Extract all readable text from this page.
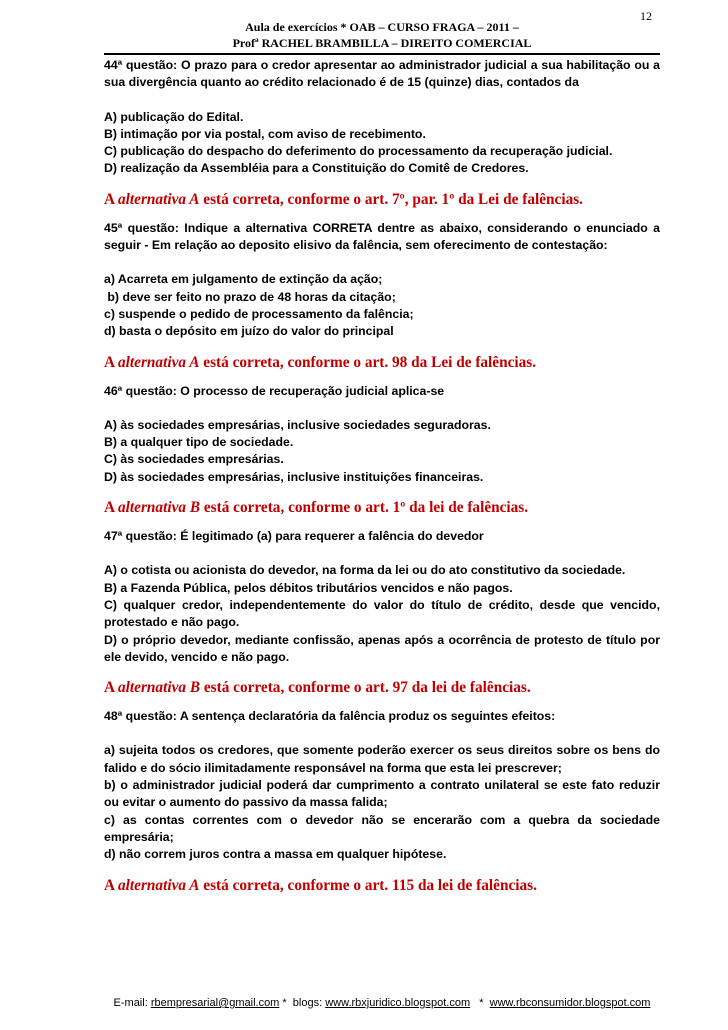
12
Aula de exercícios * OAB – CURSO FRAGA – 2011 –
Profª RACHEL BRAMBILLA – DIREITO COMERCIAL

44ª questão: O prazo para o credor apresentar ao administrador judicial a sua habilitação ou a sua divergência quanto ao crédito relacionado é de 15 (quinze) dias, contados da

A) publicação do Edital.

B) intimação por via postal, com aviso de recebimento.

C) publicação do despacho do deferimento do processamento da recuperação judicial.

D) realização da Assembléia para a Constituição do Comitê de Credores.

A alternativa A está correta, conforme o art. 7º, par. 1º da Lei de falências.

45ª questão: Indique a alternativa CORRETA dentre as abaixo, considerando o enunciado a seguir - Em relação ao deposito elisivo da falência, sem oferecimento de contestação:

a) Acarreta em julgamento de extinção da ação;

b) deve ser feito no prazo de 48 horas da citação;

c) suspende o pedido de processamento da falência;

d) basta o depósito em juízo do valor do principal

A alternativa A está correta, conforme o art. 98 da Lei de falências.

46ª questão: O processo de recuperação judicial aplica-se

A) às sociedades empresárias, inclusive sociedades seguradoras.

B) a qualquer tipo de sociedade.

C) às sociedades empresárias.

D) às sociedades empresárias, inclusive instituições financeiras.

A alternativa B está correta, conforme o art. 1º da lei de falências.

47ª questão: É legitimado (a) para requerer a falência do devedor

A) o cotista ou acionista do devedor, na forma da lei ou do ato constitutivo da sociedade.

B) a Fazenda Pública, pelos débitos tributários vencidos e não pagos.

C) qualquer credor, independentemente do valor do título de crédito, desde que vencido, protestado e não pago.

D) o próprio devedor, mediante confissão, apenas após a ocorrência de protesto de título por ele devido, vencido e não pago.

A alternativa B está correta, conforme o art. 97 da lei de falências.

48ª questão: A sentença declaratória da falência produz os seguintes efeitos:

a) sujeita todos os credores, que somente poderão exercer os seus direitos sobre os bens do falido e do sócio ilimitadamente responsável na forma que esta lei prescrever;

b) o administrador judicial poderá dar cumprimento a contrato unilateral se este fato reduzir ou evitar o aumento do passivo da massa falida;

c) as contas correntes com o devedor não se encerarão com a quebra da sociedade empresária;

d) não correm juros contra a massa em qualquer hipótese.

A alternativa A está correta, conforme o art. 115 da lei de falências.

E-mail: rbempresarial@gmail.com *  blogs: www.rbxjuridico.blogspot.com   *  www.rbconsumidor.blogspot.com
